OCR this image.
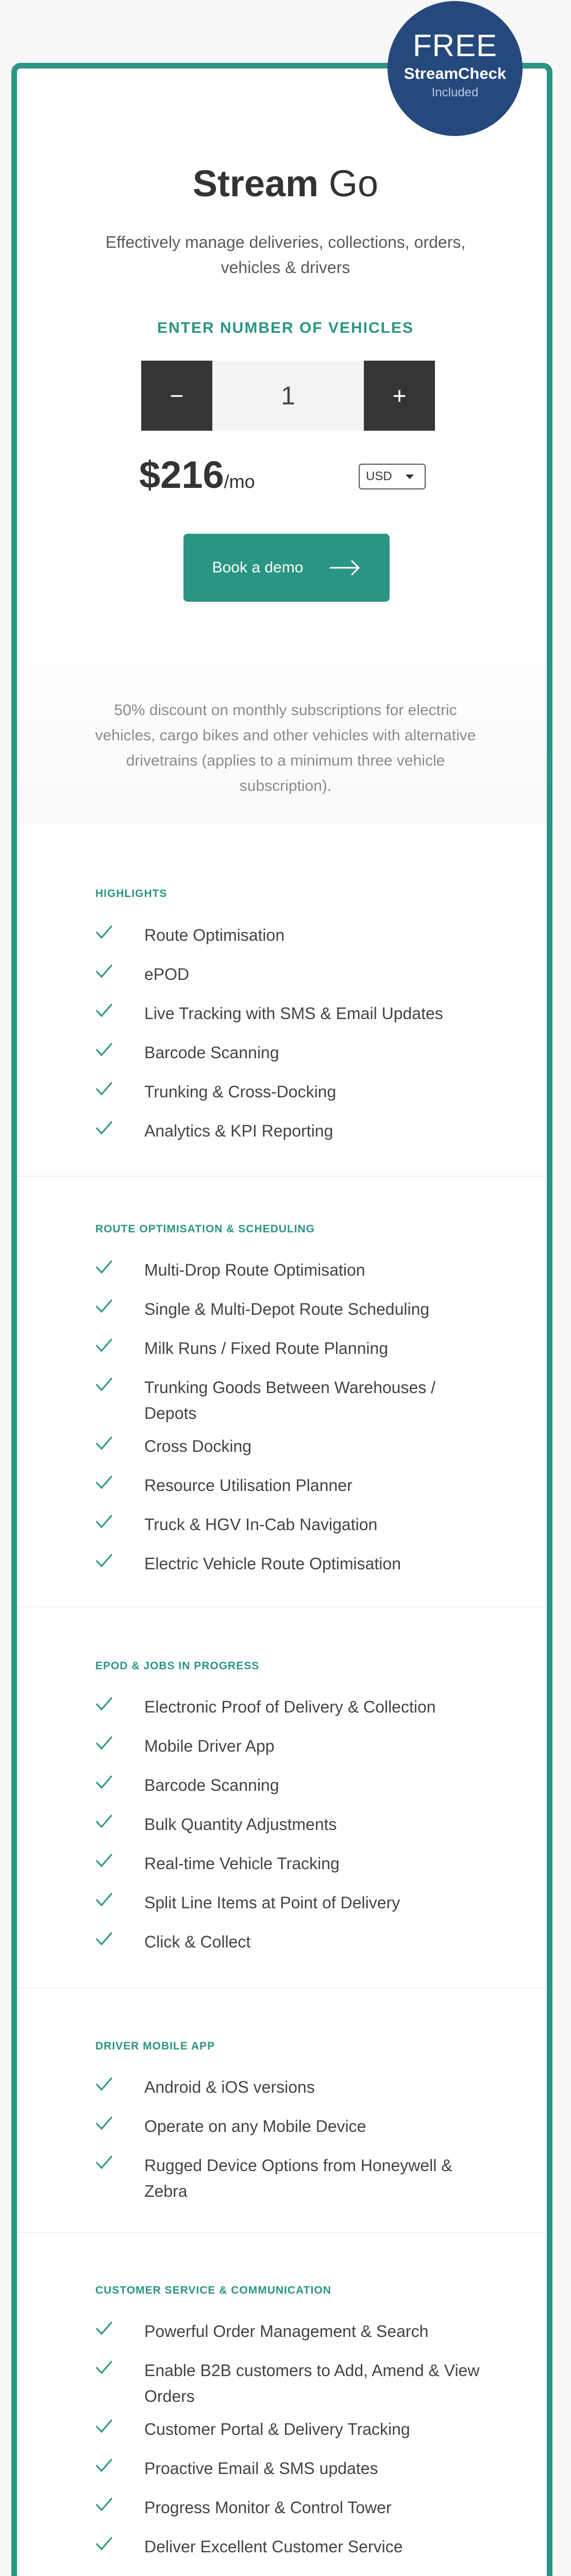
FREE
StreamCheck
Included
Stream Go
Effectively manage deliveries, collections, orders, vehicles & drivers
ENTER NUMBER OF VEHICLES
−	1	+
$216/mo	USD
Book a demo
50% discount on monthly subscriptions for electric vehicles, cargo bikes and other vehicles with alternative drivetrains (applies to a minimum three vehicle subscription).
HIGHLIGHTS
Route Optimisation
ePOD
Live Tracking with SMS & Email Updates
Barcode Scanning
Trunking & Cross-Docking
Analytics & KPI Reporting
ROUTE OPTIMISATION & SCHEDULING
Multi-Drop Route Optimisation
Single & Multi-Depot Route Scheduling
Milk Runs / Fixed Route Planning
Trunking Goods Between Warehouses / Depots
Cross Docking
Resource Utilisation Planner
Truck & HGV In-Cab Navigation
Electric Vehicle Route Optimisation
EPOD & JOBS IN PROGRESS
Electronic Proof of Delivery & Collection
Mobile Driver App
Barcode Scanning
Bulk Quantity Adjustments
Real-time Vehicle Tracking
Split Line Items at Point of Delivery
Click & Collect
DRIVER MOBILE APP
Android & iOS versions
Operate on any Mobile Device
Rugged Device Options from Honeywell & Zebra
CUSTOMER SERVICE & COMMUNICATION
Powerful Order Management & Search
Enable B2B customers to Add, Amend & View Orders
Customer Portal & Delivery Tracking
Proactive Email & SMS updates
Progress Monitor & Control Tower
Deliver Excellent Customer Service
